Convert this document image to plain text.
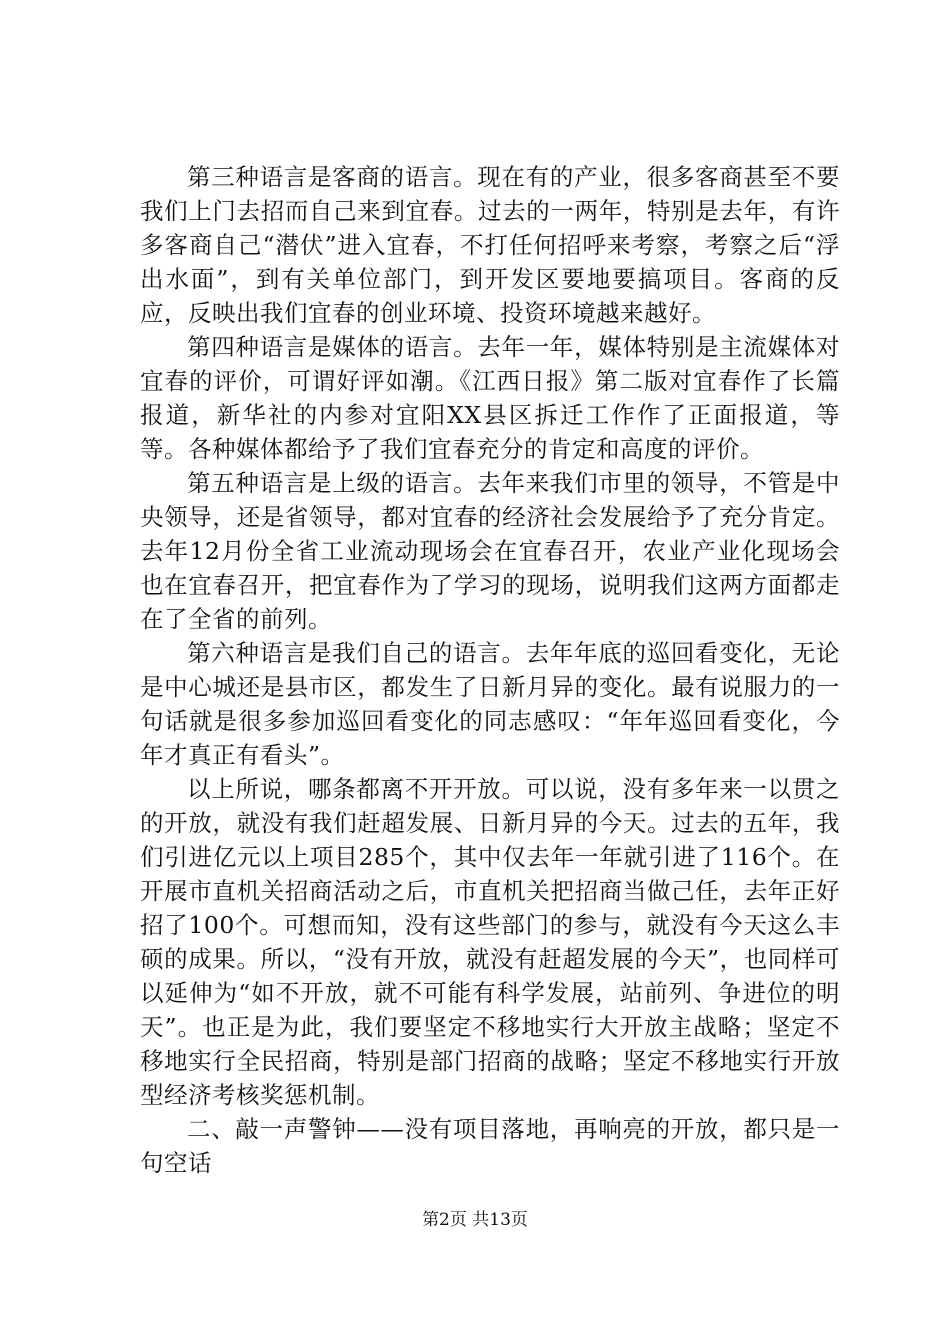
第三种语言是客商的语言。现在有的产业，很多客商甚至不要我们上门去招而自己来到宜春。过去的一两年，特别是去年，有许多客商自己“潜伏”进入宜春，不打任何招呼来考察，考察之后“浮出水面”，到有关单位部门，到开发区要地要搞项目。客商的反应，反映出我们宜春的创业环境、投资环境越来越好。

第四种语言是媒体的语言。去年一年，媒体特别是主流媒体对宜春的评价，可谓好评如潮。《江西日报》第二版对宜春作了长篇报道，新华社的内参对宜阳XX县区拆迁工作作了正面报道，等等。各种媒体都给予了我们宜春充分的肯定和高度的评价。

第五种语言是上级的语言。去年来我们市里的领导，不管是中央领导，还是省领导，都对宜春的经济社会发展给予了充分肯定。去年12月份全省工业流动现场会在宜春召开，农业产业化现场会也在宜春召开，把宜春作为了学习的现场，说明我们这两方面都走在了全省的前列。

第六种语言是我们自己的语言。去年年底的巡回看变化，无论是中心城还是县市区，都发生了日新月异的变化。最有说服力的一句话就是很多参加巡回看变化的同志感叹：“年年巡回看变化，今年才真正有看头”。

以上所说，哪条都离不开开放。可以说，没有多年来一以贯之的开放，就没有我们赶超发展、日新月异的今天。过去的五年，我们引进亿元以上项目285个，其中仅去年一年就引进了116个。在开展市直机关招商活动之后，市直机关把招商当做己任，去年正好招了100个。可想而知，没有这些部门的参与，就没有今天这么丰硕的成果。所以，“没有开放，就没有赶超发展的今天”，也同样可以延伸为“如不开放，就不可能有科学发展，站前列、争进位的明天”。也正是为此，我们要坚定不移地实行大开放主战略；坚定不移地实行全民招商，特别是部门招商的战略；坚定不移地实行开放型经济考核奖惩机制。

二、敲一声警钟——没有项目落地，再响亮的开放，都只是一句空话

第2页 共13页
